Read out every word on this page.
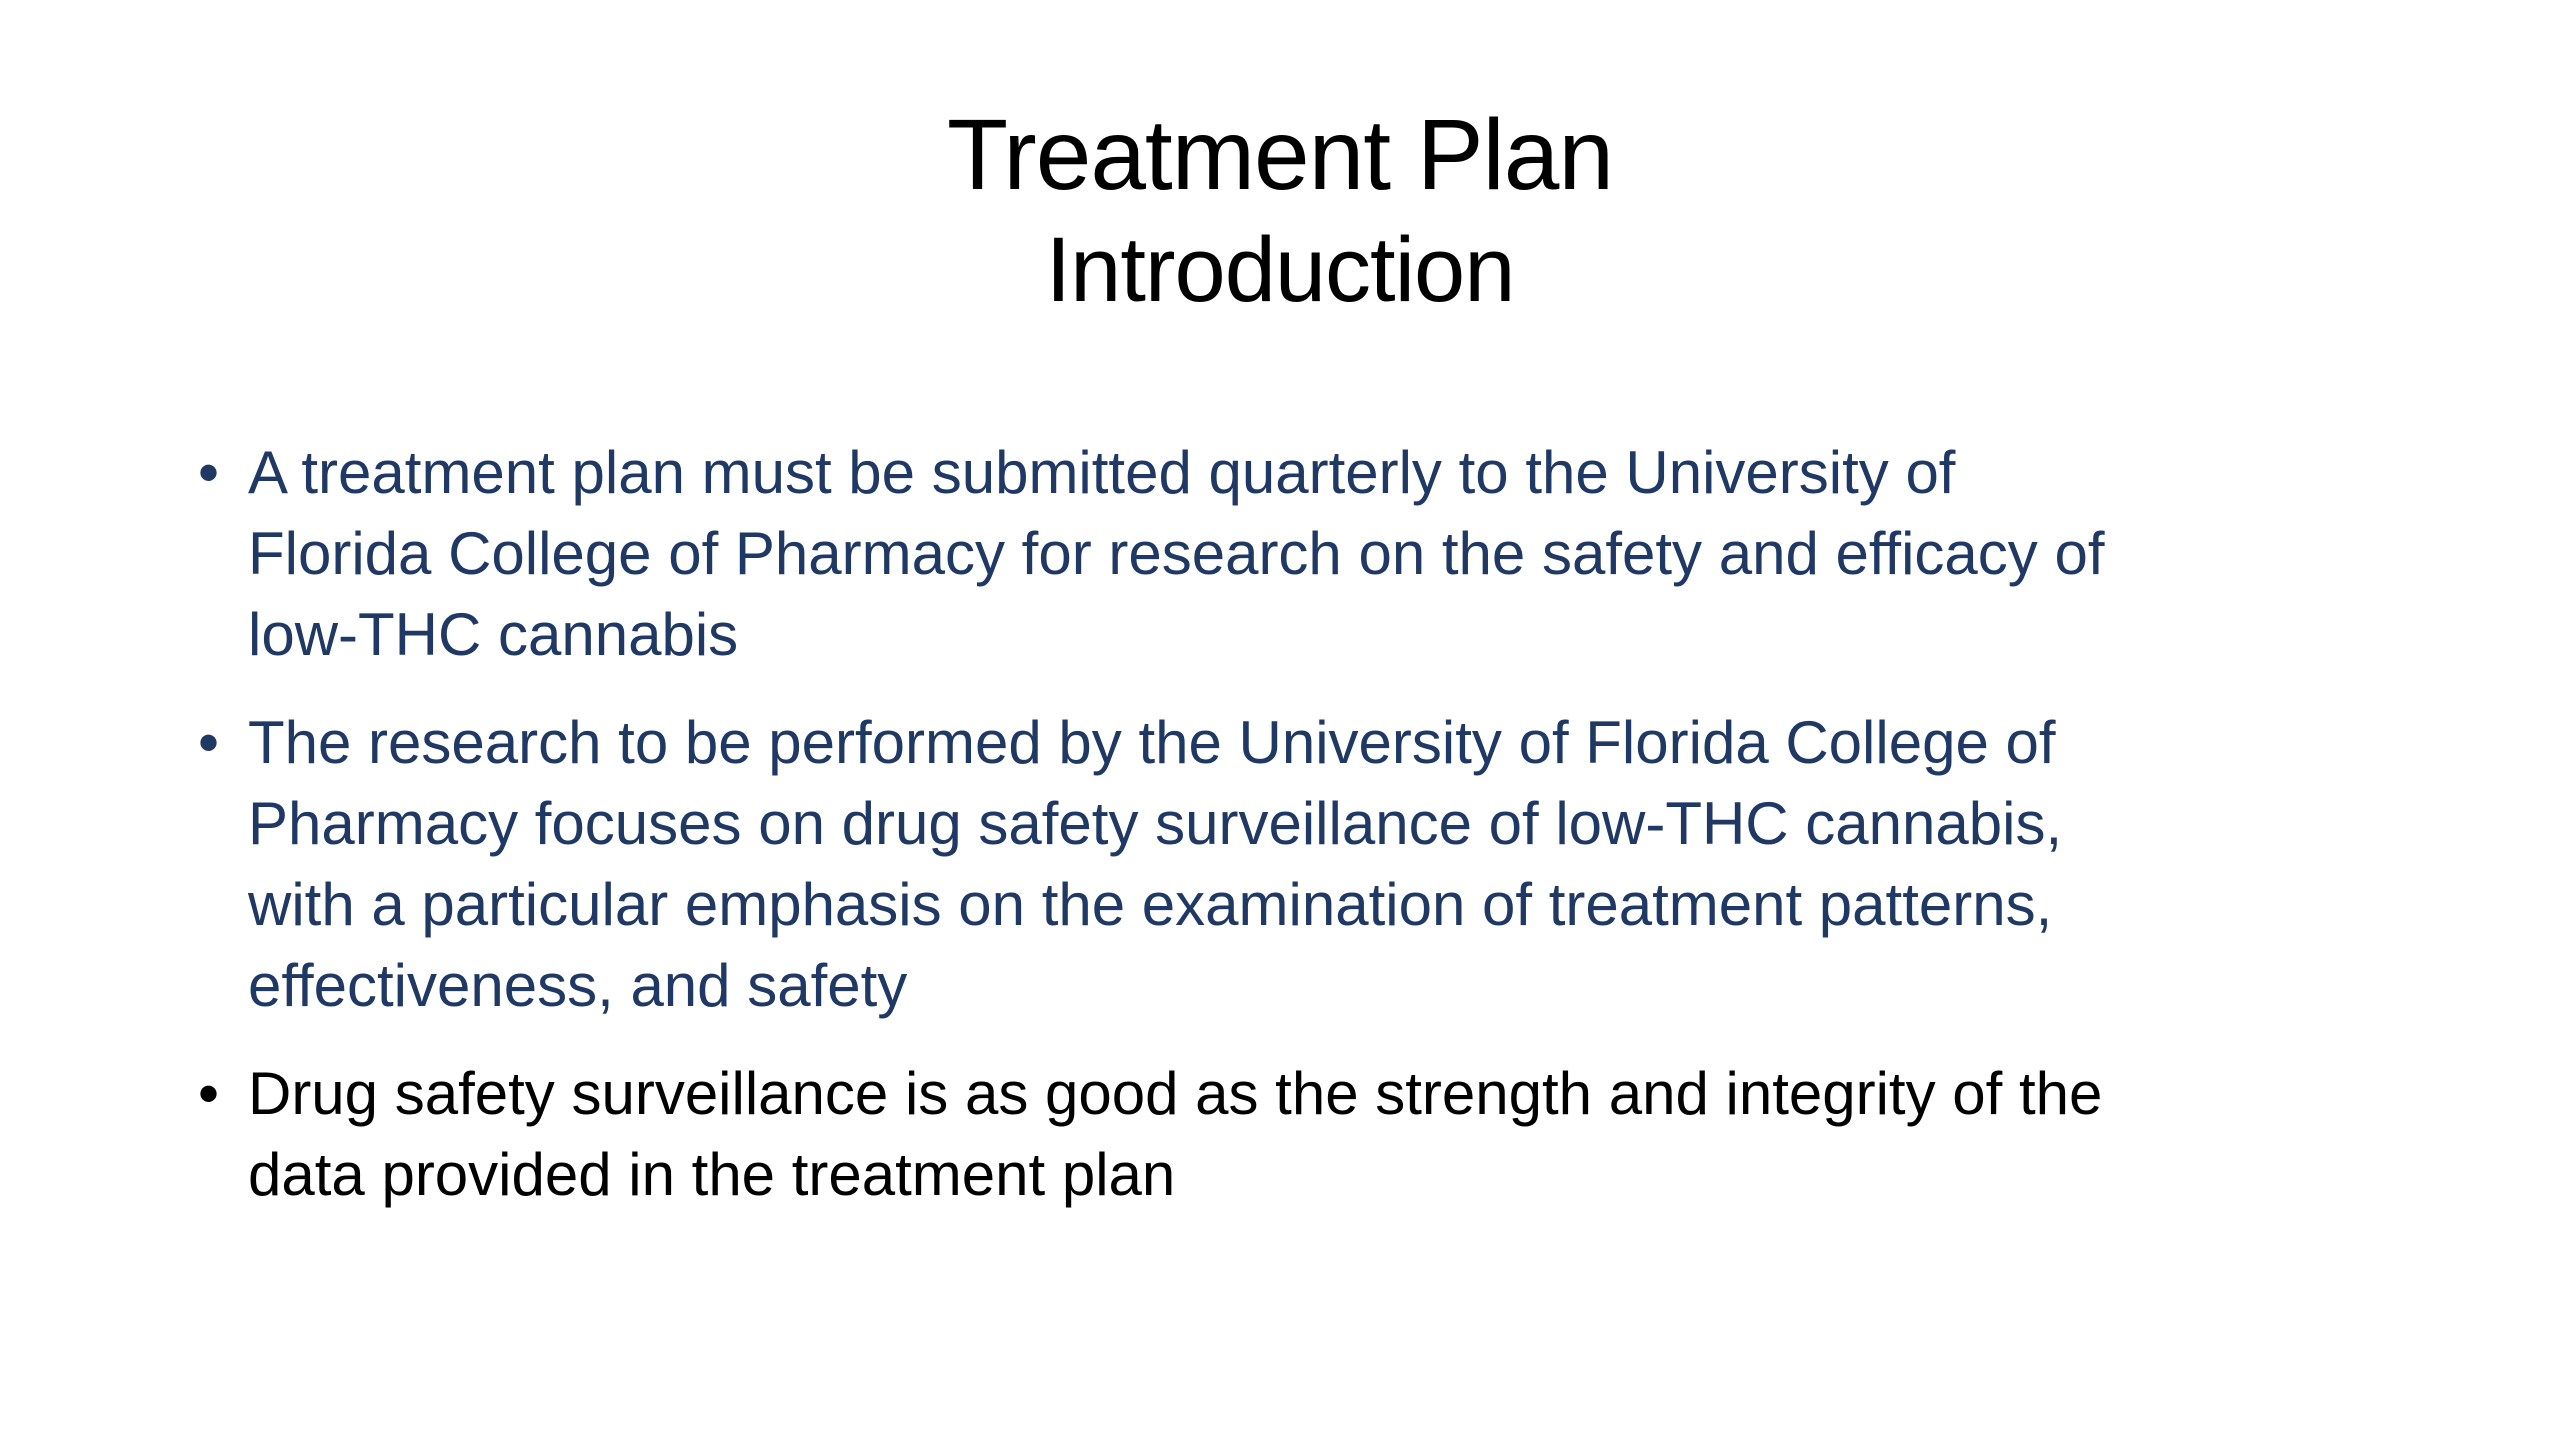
Treatment Plan
Introduction
• A treatment plan must be submitted quarterly to the University of
Florida College of Pharmacy for research on the safety and efficacy of
low-THC cannabis
• The research to be performed by the University of Florida College of
Pharmacy focuses on drug safety surveillance of low-THC cannabis,
with a particular emphasis on the examination of treatment patterns,
effectiveness, and safety
• Drug safety surveillance is as good as the strength and integrity of the
data provided in the treatment plan
